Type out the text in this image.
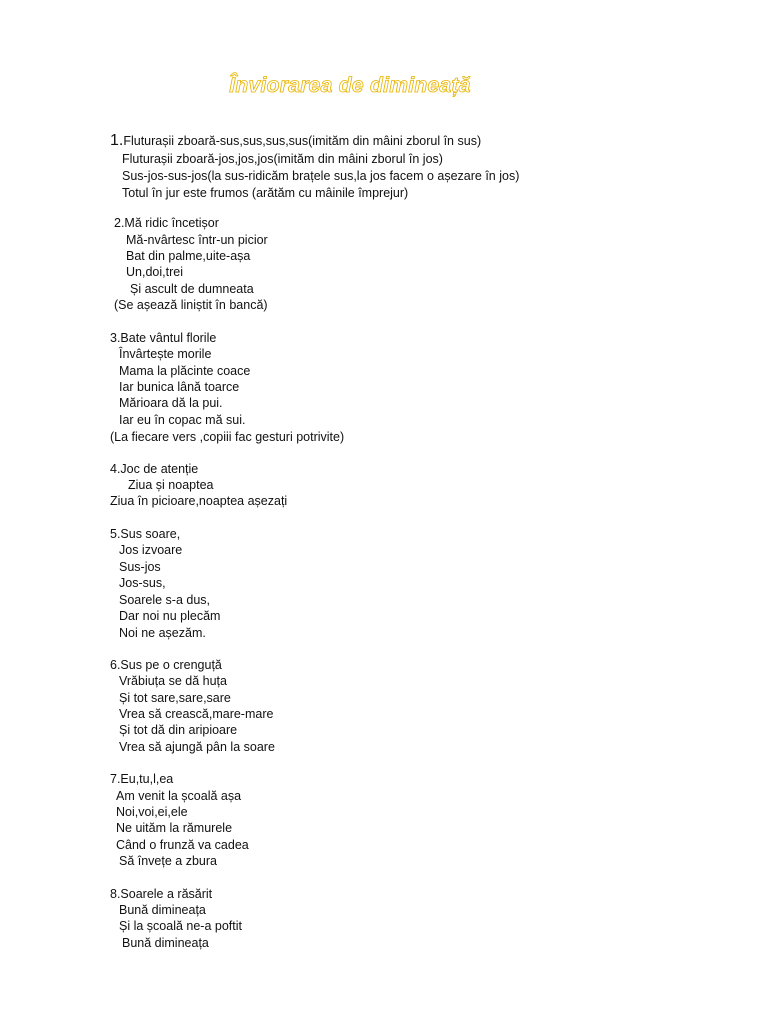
Înviorarea de dimineață
1.Fluturașii zboară-sus,sus,sus,sus(imităm din mâini zborul în sus)
Fluturașii zboară-jos,jos,jos(imităm din mâini zborul în jos)
Sus-jos-sus-jos(la sus-ridicăm brațele sus,la jos facem o așezare în jos)
Totul în jur este frumos (arătăm cu mâinile împrejur)
2.Mă ridic încetișor
Mă-nvârtesc într-un picior
Bat din palme,uite-așa
Un,doi,trei
Și ascult de dumneata
(Se așează liniștit în bancă)
3.Bate vântul florile
Învârtește morile
Mama la plăcinte coace
Iar bunica lână toarce
Mărioara dă la pui.
Iar eu în copac mă sui.
(La fiecare vers ,copiii fac gesturi potrivite)
4.Joc de atenție
Ziua și noaptea
Ziua în picioare,noaptea așezați
5.Sus soare,
Jos izvoare
Sus-jos
Jos-sus,
Soarele s-a dus,
Dar noi nu plecăm
Noi ne așezăm.
6.Sus pe o crenguță
Vrăbiuța se dă huța
Și tot sare,sare,sare
Vrea să crească,mare-mare
Și tot dă din aripioare
Vrea să ajungă pân la soare
7.Eu,tu,l,ea
Am venit la școală așa
Noi,voi,ei,ele
Ne uităm la rămurele
Când o frunză va cadea
Să învețe a zbura
8.Soarele a răsărit
Bună dimineața
Și la școală ne-a poftit
Bună dimineața
